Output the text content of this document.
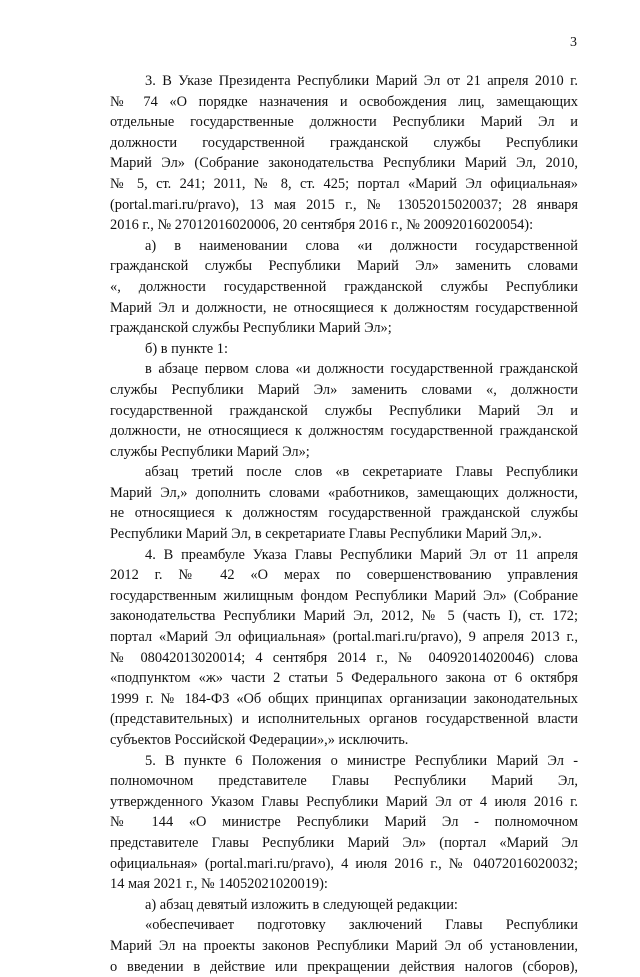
3
3. В Указе Президента Республики Марий Эл от 21 апреля 2010 г.
№ 74 «О порядке назначения и освобождения лиц, замещающих
отдельные государственные должности Республики Марий Эл и
должности государственной гражданской службы Республики
Марий Эл» (Собрание законодательства Республики Марий Эл, 2010,
№ 5, ст. 241; 2011, № 8, ст. 425; портал «Марий Эл официальная»
(portal.mari.ru/pravo), 13 мая 2015 г., № 13052015020037; 28 января
2016 г., № 27012016020006, 20 сентября 2016 г., № 20092016020054):
а) в наименовании слова «и должности государственной
гражданской службы Республики Марий Эл» заменить словами
«, должности государственной гражданской службы Республики
Марий Эл и должности, не относящиеся к должностям государственной
гражданской службы Республики Марий Эл»;
б) в пункте 1:
в абзаце первом слова «и должности государственной гражданской
службы Республики Марий Эл» заменить словами «, должности
государственной гражданской службы Республики Марий Эл и
должности, не относящиеся к должностям государственной гражданской
службы Республики Марий Эл»;
абзац третий после слов «в секретариате Главы Республики
Марий Эл,» дополнить словами «работников, замещающих должности,
не относящиеся к должностям государственной гражданской службы
Республики Марий Эл, в секретариате Главы Республики Марий Эл,».
4. В преамбуле Указа Главы Республики Марий Эл от 11 апреля
2012 г. № 42 «О мерах по совершенствованию управления
государственным жилищным фондом Республики Марий Эл» (Собрание
законодательства Республики Марий Эл, 2012, № 5 (часть I), ст. 172;
портал «Марий Эл официальная» (portal.mari.ru/pravo), 9 апреля 2013 г.,
№ 08042013020014; 4 сентября 2014 г., № 04092014020046) слова
«подпунктом «ж» части 2 статьи 5 Федерального закона от 6 октября
1999 г. № 184-ФЗ «Об общих принципах организации законодательных
(представительных) и исполнительных органов государственной власти
субъектов Российской Федерации»,» исключить.
5. В пункте 6 Положения о министре Республики Марий Эл -
полномочном представителе Главы Республики Марий Эл,
утвержденного Указом Главы Республики Марий Эл от 4 июля 2016 г.
№ 144 «О министре Республики Марий Эл - полномочном
представителе Главы Республики Марий Эл» (портал «Марий Эл
официальная» (portal.mari.ru/pravo), 4 июля 2016 г., № 04072016020032;
14 мая 2021 г., № 14052021020019):
а) абзац девятый изложить в следующей редакции:
«обеспечивает подготовку заключений Главы Республики
Марий Эл на проекты законов Республики Марий Эл об установлении,
о введении в действие или прекращении действия налогов (сборов),
